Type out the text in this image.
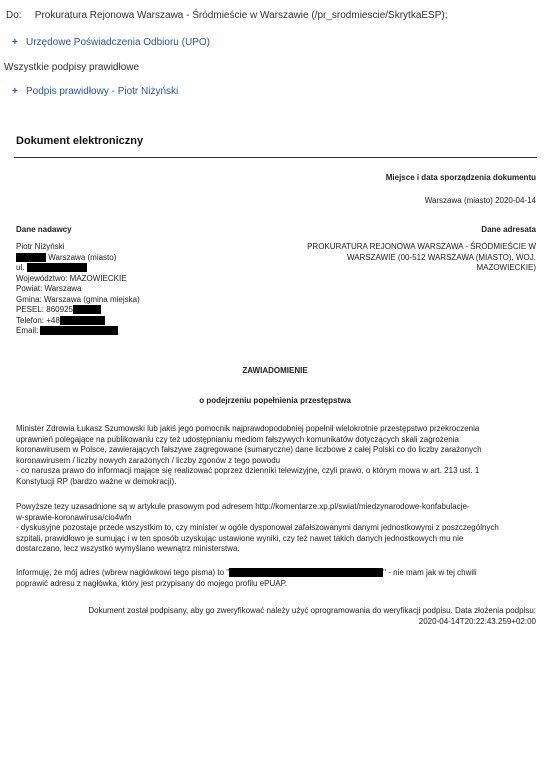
Do: Prokuratura Rejonowa Warszawa - Śródmieście w Warszawie (/pr_srodmiescie/SkrytkaESP);
+ Urzędowe Poświadczenia Odbioru (UPO)
Wszystkie podpisy prawidłowe
+ Podpis prawidłowy - Piotr Niżyński
Dokument elektroniczny
Miejsce i data sporządzenia dokumentu
Warszawa (miasto) 2020-04-14
Dane nadawcy
Piotr Niżyński
Warszawa (miasto)
ul.
Województwo: MAZOWIECKIE
Powiat: Warszawa
Gmina: Warszawa (gmina miejska)
PESEL: 860925
Telefon: +48
Email:
Dane adresata
PROKURATURA REJONOWA WARSZAWA - ŚRÓDMIEŚCIE W
WARSZAWIE (00-512 WARSZAWA (MIASTO), WOJ.
MAZOWIECKIE)
ZAWIADOMIENIE
o podejrzeniu popełnienia przestępstwa
Minister Zdrowia Łukasz Szumowski lub jakiś jego pomocnik najprawdopodobniej popełnił wielokrotnie przestępstwo przekroczenia
uprawnień polegające na publikowaniu czy też udostępnianiu mediom fałszywych komunikatów dotyczących skali zagrożenia
koronawirusem w Polsce, zawierających fałszywe zagregowane (sumaryczne) dane liczbowe z całej Polski co do liczby zarażonych
koronawirusem / liczby nowych zarażonych / liczby zgonów z tego powodu
- co narusza prawo do informacji mające się realizować poprzez dzienniki telewizyjne, czyli prawo, o którym mowa w art. 213 ust. 1
Konstytucji RP (bardzo ważne w demokracji).
Powyższe tezy uzasadnione są w artykule prasowym pod adresem http://komentarze.xp.pl/swiat/miedzynarodowe-konfabulacje-
w-sprawie-koronawirusa/cio4wfn
- dyskusyjne pozostaje przede wszystkim to, czy minister w ogóle dysponował zafałszowanymi danymi jednostkowymi z poszczególnych
szpitali, prawidłowo je sumując i w ten sposób uzyskując ustawione wyniki, czy też nawet takich danych jednostkowych mu nie
dostarczano, lecz wszystko wymyślano wewnątrz ministerstwa.
Informuję, że mój adres (wbrew nagłówkowi tego pisma) to "	" - nie mam jak w tej chwili
poprawić adresu z nagłówka, który jest przypisany do mojego profilu ePUAP.
Dokument został podpisany, aby go zweryfikować należy użyć oprogramowania do weryfikacji podpisu. Data złożenia podpisu:
2020-04-14T20:22:43.259+02:00
